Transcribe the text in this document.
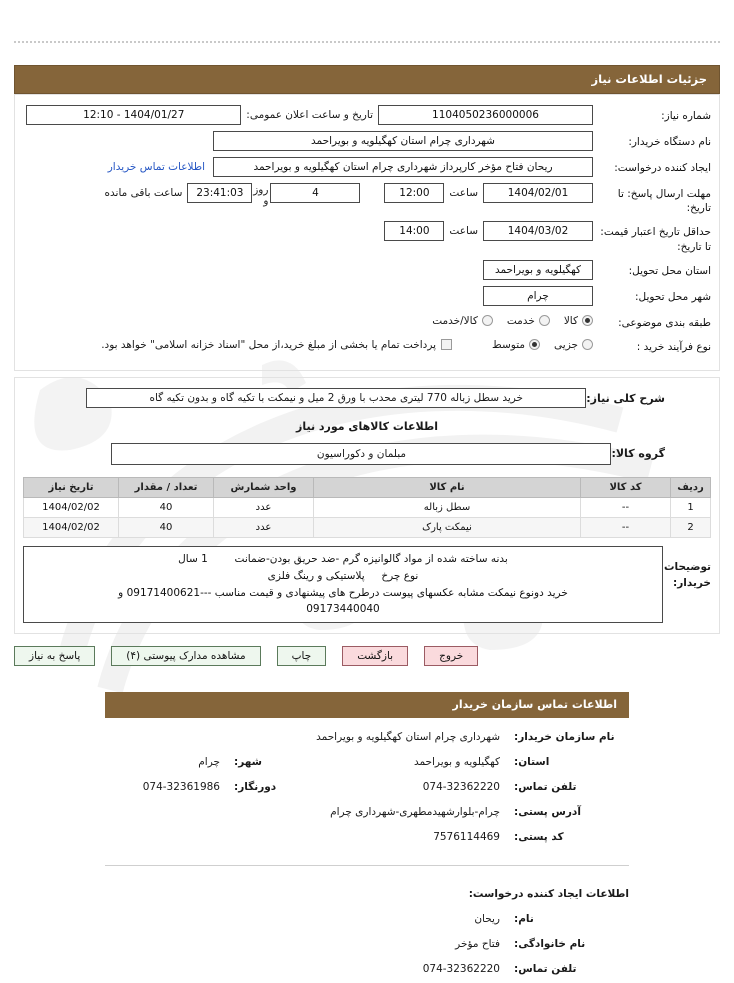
جزئیات اطلاعات نیاز
شماره نیاز:
1104050236000006
تاریخ و ساعت اعلان عمومی:
1404/01/27 - 12:10
نام دستگاه خریدار:
شهرداری چرام استان کهگیلویه و بویراحمد
ایجاد کننده درخواست:
ریحان فتاح مؤخر کارپرداز شهرداری چرام استان کهگیلویه و بویراحمد
اطلاعات تماس خریدار
مهلت ارسال پاسخ: تا تاریخ:
1404/02/01
ساعت
12:00
4
روز و
23:41:03
ساعت باقی مانده
حداقل تاریخ اعتبار قیمت: تا تاریخ:
1404/03/02
ساعت
14:00
استان محل تحویل:
کهگیلویه و بویراحمد
شهر محل تحویل:
چرام
طبقه بندی موضوعی:
کالا
خدمت
کالا/خدمت
نوع فرآیند خرید :
جزیی
متوسط
پرداخت تمام یا بخشی از مبلغ خرید،از محل "اسناد خزانه اسلامی" خواهد بود.
شرح کلی نیاز:
خرید سطل زباله 770 لیتری محدب با ورق 2 میل و نیمکت با تکیه گاه و بدون تکیه گاه
اطلاعات کالاهای مورد نیاز
گروه کالا:
مبلمان و دکوراسیون
ردیف	کد کالا	نام کالا	واحد شمارش	تعداد / مقدار	تاریخ نیاز
1	--	سطل زباله	عدد	40	1404/02/02
2	--	نیمکت پارک	عدد	40	1404/02/02
توضیحات خریدار:
بدنه ساخته شده از مواد گالوانیزه گرم -ضد حریق بودن-ضمانت        1 سال
نوع چرخ     پلاستیکی و رینگ فلزی
خرید دونوع نیمکت مشابه عکسهای پیوست درطرح های پیشنهادی و قیمت مناسب ---09171400621 و
09173440040
پاسخ به نیاز	مشاهده مدارک پیوستی (۴)	چاپ	بازگشت	خروج
اطلاعات تماس سازمان خریدار
نام سازمان خریدار:
شهرداری چرام استان کهگیلویه و بویراحمد
استان:
کهگیلویه و بویراحمد
شهر:
چرام
تلفن تماس:
074-32362220
دورنگار:
074-32361986
آدرس پستی:
چرام-بلوارشهیدمطهری-شهرداری چرام
کد پستی:
7576114469
اطلاعات ایجاد کننده درخواست:
نام:
ریحان
نام خانوادگی:
فتاح مؤخر
تلفن تماس:
074-32362220
